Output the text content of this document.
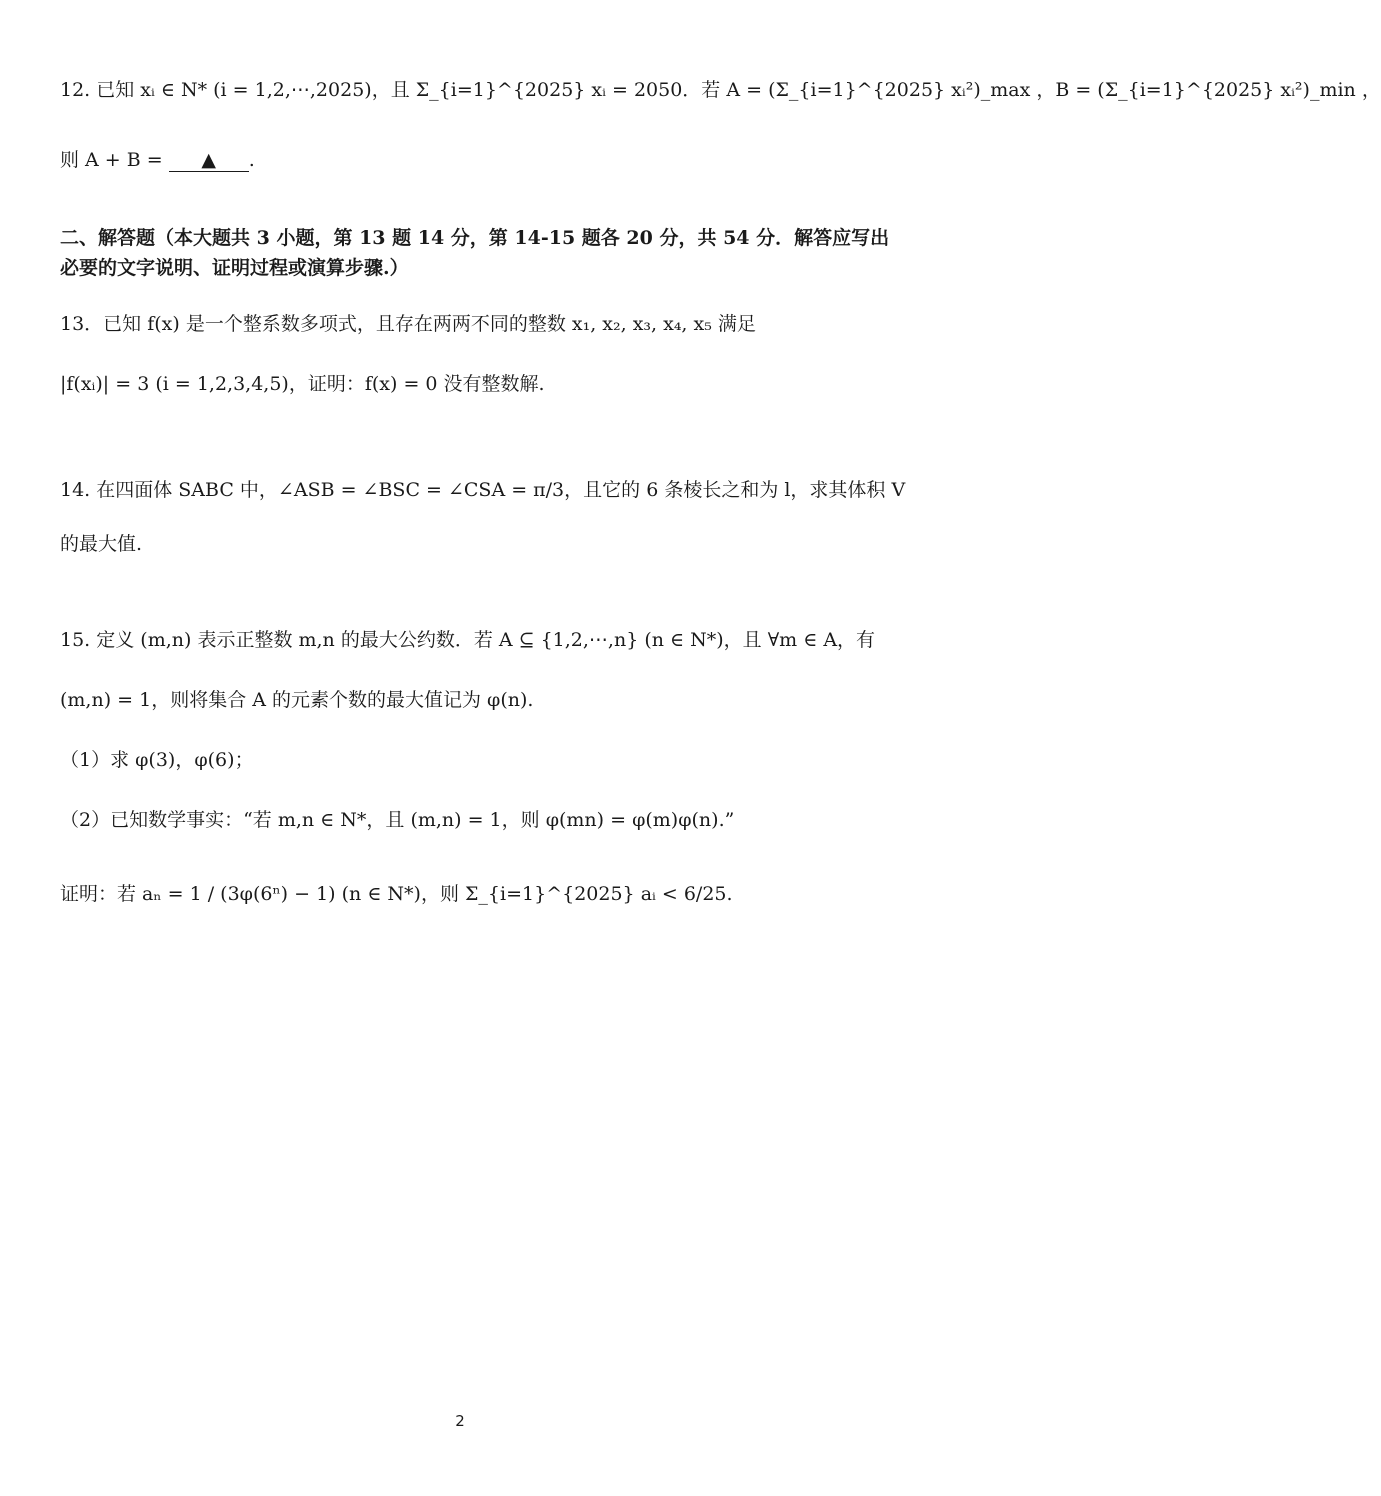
12. 已知 xᵢ ∈ N* (i = 1,2,⋯,2025)，且 Σ_{i=1}^{2025} xᵢ = 2050．若 A = (Σ_{i=1}^{2025} xᵢ²)_max ，B = (Σ_{i=1}^{2025} xᵢ²)_min ，
则 A + B = ▲ .
二、解答题（本大题共 3 小题，第 13 题 14 分，第 14-15 题各 20 分，共 54 分．解答应写出
必要的文字说明、证明过程或演算步骤.）
13．已知 f(x) 是一个整系数多项式，且存在两两不同的整数 x₁, x₂, x₃, x₄, x₅ 满足
|f(xᵢ)| = 3 (i = 1,2,3,4,5)，证明：f(x) = 0 没有整数解.
14. 在四面体 SABC 中，∠ASB = ∠BSC = ∠CSA = π/3，且它的 6 条棱长之和为 l，求其体积 V
的最大值.
15. 定义 (m,n) 表示正整数 m,n 的最大公约数．若 A ⊆ {1,2,⋯,n} (n ∈ N*)，且 ∀m ∈ A，有
(m,n) = 1，则将集合 A 的元素个数的最大值记为 φ(n).
（1）求 φ(3)，φ(6)；
（2）已知数学事实：“若 m,n ∈ N*，且 (m,n) = 1，则 φ(mn) = φ(m)φ(n).”
证明：若 aₙ = 1 / (3φ(6ⁿ) − 1) (n ∈ N*)，则 Σ_{i=1}^{2025} aᵢ < 6/25.
2
